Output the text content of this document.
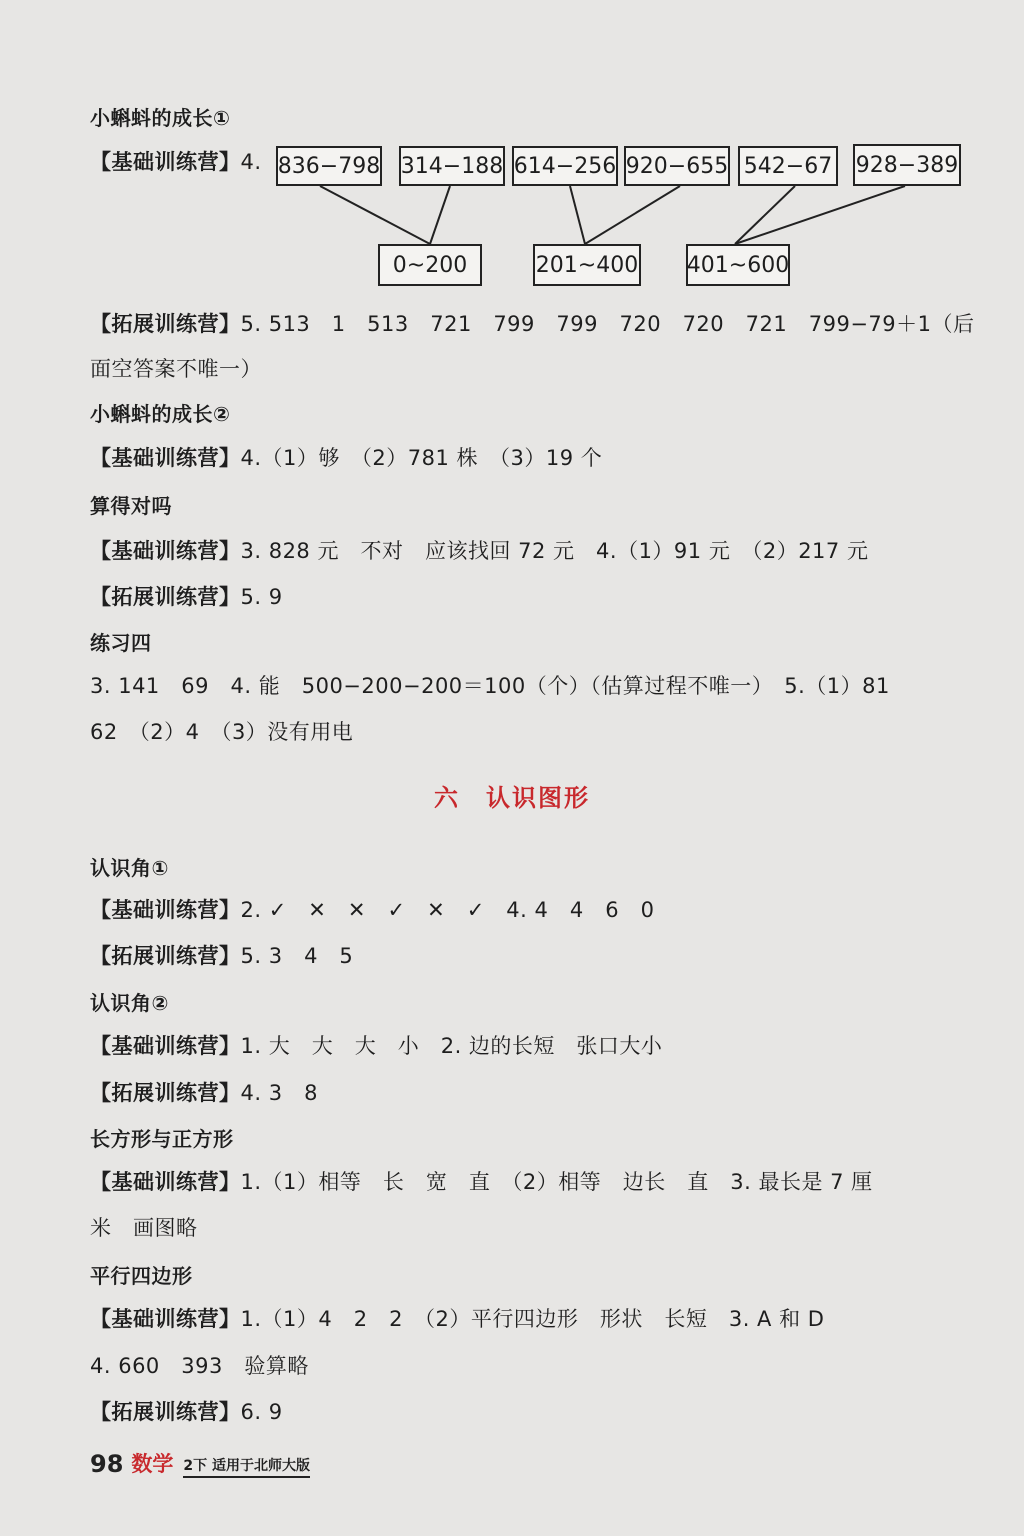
小蝌蚪的成长①
【基础训练营】4. 836−798 314−188 614−256 920−655 542−67 928−389
0~200	201~400 401~600
【拓展训练营】5. 513　1　513　721　799　799　720　720　721　799−79＋1（后
面空答案不唯一）
小蝌蚪的成长②
【基础训练营】4.（1）够　（2）781 株　（3）19 个
算得对吗
【基础训练营】3. 828 元　不对　应该找回 72 元　4.（1）91 元　（2）217 元
【拓展训练营】5. 9
练习四
3. 141　69　4. 能　500−200−200＝100（个）（估算过程不唯一）　5.（1）81
62　（2）4　（3）没有用电
六　认识图形
认识角①
【基础训练营】2. ✓　✕　✕　✓　✕　✓　4. 4　4　6　0
【拓展训练营】5. 3　4　5
认识角②
【基础训练营】1. 大　大　大　小　2. 边的长短　张口大小
【拓展训练营】4. 3　8
长方形与正方形
【基础训练营】1.（1）相等　长　宽　直　（2）相等　边长　直　3. 最长是 7 厘
米　画图略
平行四边形
【基础训练营】1.（1）4　2　2　（2）平行四边形　形状　长短　3. A 和 D
4. 660　393　验算略
【拓展训练营】6. 9
98 数学 2下 适用于北师大版
